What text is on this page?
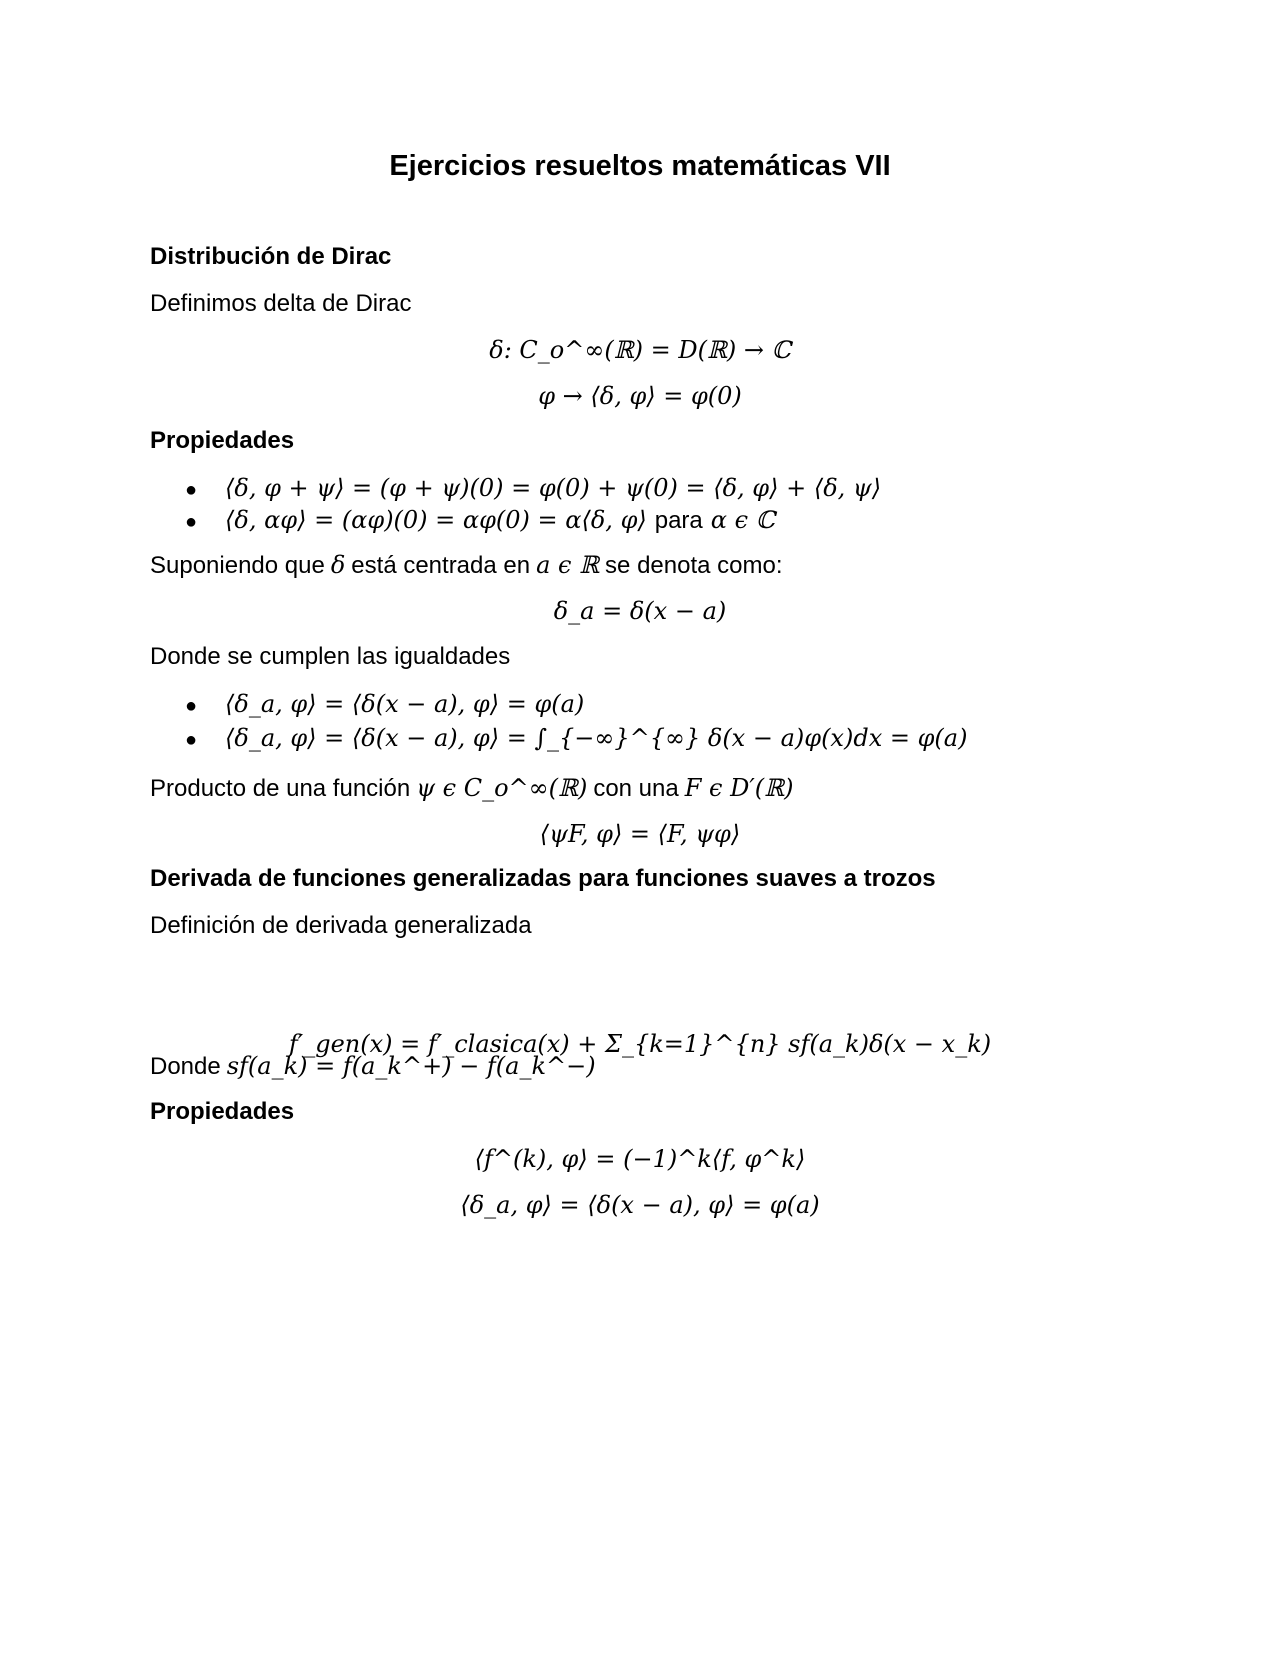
Ejercicios resueltos matemáticas VII
Distribución de Dirac
Definimos delta de Dirac
δ: C_o^∞(ℝ) = D(ℝ) → ℂ
φ → ⟨δ, φ⟩ = φ(0)
Propiedades
●	⟨δ, φ + ψ⟩ = (φ + ψ)(0) = φ(0) + ψ(0) = ⟨δ, φ⟩ + ⟨δ, ψ⟩
●	⟨δ, αφ⟩ = (αφ)(0) = αφ(0) = α⟨δ, φ⟩ para α ϵ ℂ
Suponiendo que δ está centrada en a ϵ ℝ se denota como:
δ_a = δ(x − a)
Donde se cumplen las igualdades
●	⟨δ_a, φ⟩ = ⟨δ(x − a), φ⟩ = φ(a)
●	⟨δ_a, φ⟩ = ⟨δ(x − a), φ⟩ = ∫_{−∞}^{∞} δ(x − a)φ(x)dx = φ(a)
Producto de una función ψ ϵ C_o^∞(ℝ) con una F ϵ D′(ℝ)
⟨ψF, φ⟩ = ⟨F, ψφ⟩
Derivada de funciones generalizadas para funciones suaves a trozos
Definición de derivada generalizada
f′_gen(x) = f′_clasica(x) + Σ_{k=1}^{n} sf(a_k)δ(x − x_k)
Donde sf(a_k) = f(a_k^+) − f(a_k^−)
Propiedades
⟨f^(k), φ⟩ = (−1)^k⟨f, φ^k⟩
⟨δ_a, φ⟩ = ⟨δ(x − a), φ⟩ = φ(a)
